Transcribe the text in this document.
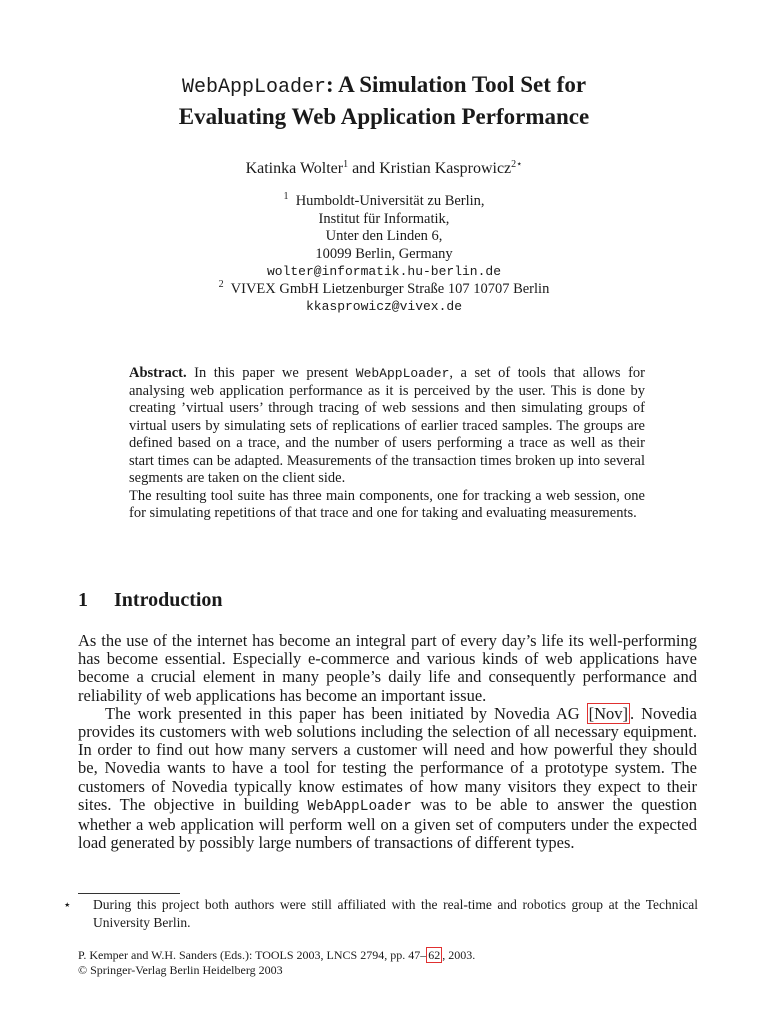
WebAppLoader: A Simulation Tool Set for
Evaluating Web Application Performance
Katinka Wolter$^1$ and Kristian Kasprowicz$^{2⋆}$
$^1$ Humboldt-Universität zu Berlin,
Institut für Informatik,
Unter den Linden 6,
10099 Berlin, Germany
wolter@informatik.hu-berlin.de
$^2$ VIVEX GmbH Lietzenburger Straße 107 10707 Berlin
kkasprowicz@vivex.de

Abstract. In this paper we present WebAppLoader, a set of tools that allows for analysing web application performance as it is perceived by the user. This is done by creating ’virtual users’ through tracing of web sessions and then simulating groups of virtual users by simulating sets of replications of earlier traced samples. The groups are defined based on a trace, and the number of users performing a trace as well as their start times can be adapted. Measurements of the transaction times broken up into several segments are taken on the client side.

The resulting tool suite has three main components, one for tracking a web session, one for simulating repetitions of that trace and one for taking and evaluating measurements.

1 Introduction

As the use of the internet has become an integral part of every day’s life its well-performing has become essential. Especially e-commerce and various kinds of web applications have become a crucial element in many people’s daily life and consequently performance and reliability of web applications has become an important issue.

The work presented in this paper has been initiated by Novedia AG [Nov] . Novedia provides its customers with web solutions including the selection of all necessary equipment. In order to find out how many servers a customer will need and how powerful they should be, Novedia wants to have a tool for testing the performance of a prototype system. The customers of Novedia typically know estimates of how many visitors they expect to their sites. The objective in building WebAppLoader was to be able to answer the question whether a web application will perform well on a given set of computers under the expected load generated by possibly large numbers of transactions of different types.

⋆ During this project both authors were still affiliated with the real-time and robotics group at the Technical University Berlin.
P. Kemper and W.H. Sanders (Eds.): TOOLS 2003, LNCS 2794, pp. 47– 62 , 2003.
© Springer-Verlag Berlin Heidelberg 2003
